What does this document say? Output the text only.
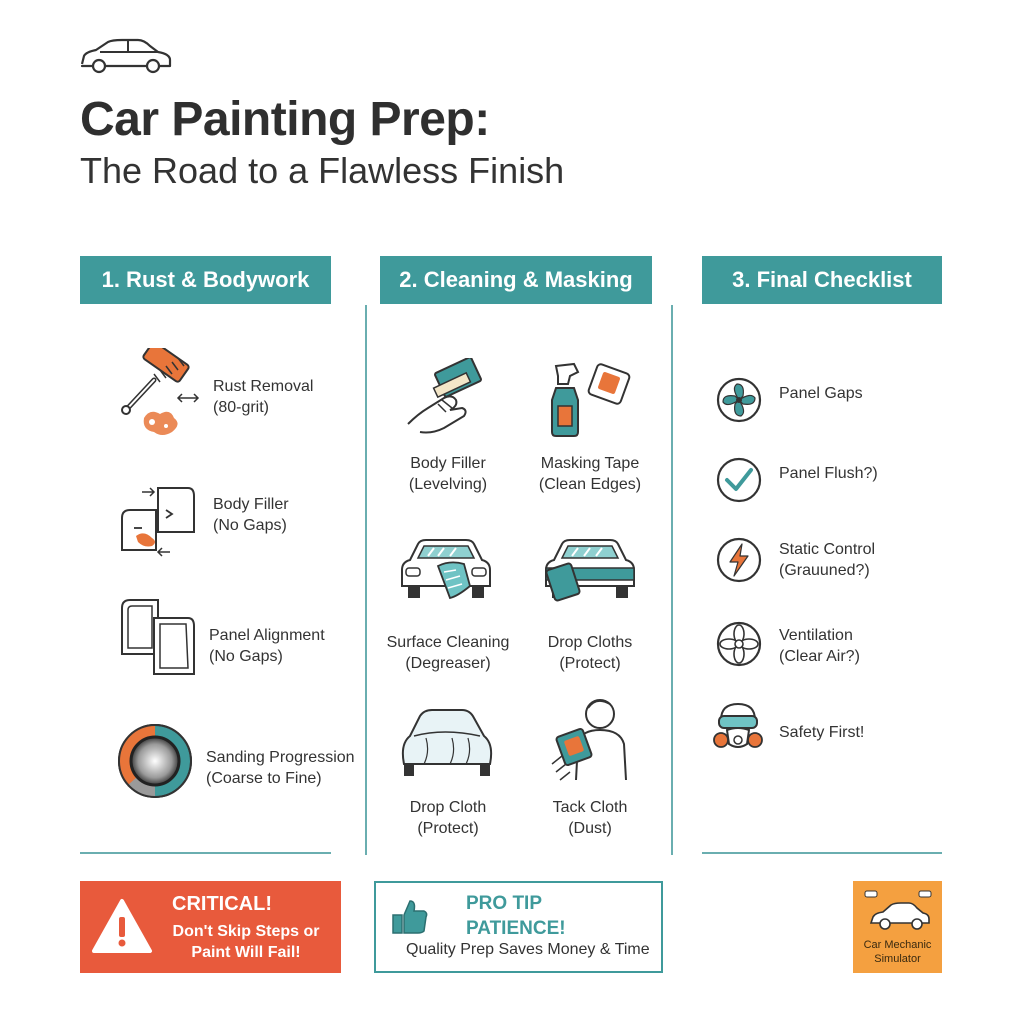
Car Painting Prep:
The Road to a Flawless Finish
1. Rust & Bodywork	2. Cleaning & Masking	3. Final Checklist
Rust Removal
(80-grit)
Body Filler
(No Gaps)
Panel Alignment
(No Gaps)
Sanding Progression
(Coarse to Fine)
Body Filler
(Levelving)
Masking Tape
(Clean Edges)
Surface Cleaning
(Degreaser)
Drop Cloths
(Protect)
Drop Cloth
(Protect)
Tack Cloth
(Dust)
Panel Gaps
Panel Flush?)
Static Control
(Grauuned?)
Ventilation
(Clear Air?)
Safety First!
CRITICAL!
Don't Skip Steps or
Paint Will Fail!
PRO TIP
PATIENCE!
Quality Prep Saves Money & Time	Car Mechanic
Simulator
